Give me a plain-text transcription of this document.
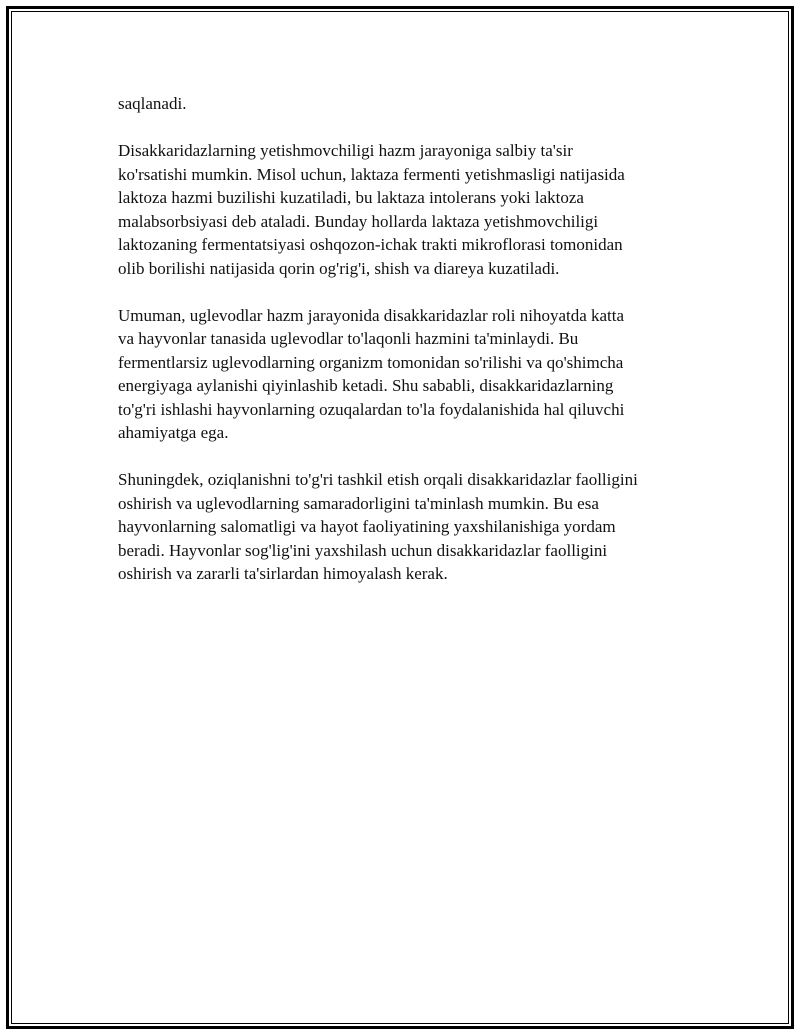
saqlanadi.

Disakkaridazlarning yetishmovchiligi hazm jarayoniga salbiy ta'sir
ko'rsatishi mumkin. Misol uchun, laktaza fermenti yetishmasligi natijasida
laktoza hazmi buzilishi kuzatiladi, bu laktaza intolerans yoki laktoza
malabsorbsiyasi deb ataladi. Bunday hollarda laktaza yetishmovchiligi
laktozaning fermentatsiyasi oshqozon-ichak trakti mikroflorasi tomonidan
olib borilishi natijasida qorin og'rig'i, shish va diareya kuzatiladi.

Umuman, uglevodlar hazm jarayonida disakkaridazlar roli nihoyatda katta
va hayvonlar tanasida uglevodlar to'laqonli hazmini ta'minlaydi. Bu
fermentlarsiz uglevodlarning organizm tomonidan so'rilishi va qo'shimcha
energiyaga aylanishi qiyinlashib ketadi. Shu sababli, disakkaridazlarning
to'g'ri ishlashi hayvonlarning ozuqalardan to'la foydalanishida hal qiluvchi
ahamiyatga ega.

Shuningdek, oziqlanishni to'g'ri tashkil etish orqali disakkaridazlar faolligini
oshirish va uglevodlarning samaradorligini ta'minlash mumkin. Bu esa
hayvonlarning salomatligi va hayot faoliyatining yaxshilanishiga yordam
beradi. Hayvonlar sog'lig'ini yaxshilash uchun disakkaridazlar faolligini
oshirish va zararli ta'sirlardan himoyalash kerak.
